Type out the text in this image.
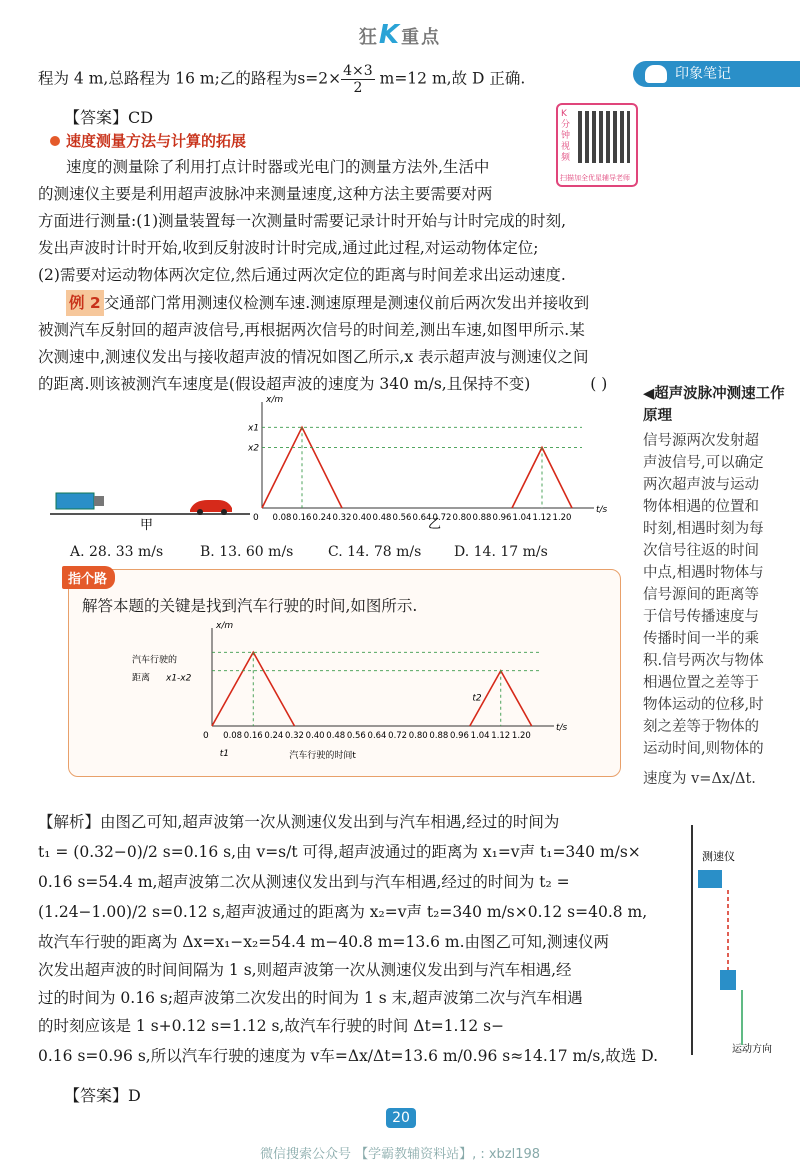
狂K重点
印象笔记
程为 4 m,总路程为 16 m;乙的路程为$s=2\times \frac{4\times 3}{2} m=12$ m,故 D 正确.
【答案】CD	K分钟视频
扫描加全优星辅导老师
速度测量方法与计算的拓展
速度的测量除了利用打点计时器或光电门的测量方法外,生活中
的测速仪主要是利用超声波脉冲来测量速度,这种方法主要需要对两
方面进行测量:(1)测量装置每一次测量时需要记录计时开始与计时完成的时刻,
发出声波时计时开始,收到反射波时计时完成,通过此过程,对运动物体定位;
(2)需要对运动物体两次定位,然后通过两次定位的距离与时间差求出运动速度.
例 2 交通部门常用测速仪检测车速.测速原理是测速仪前后两次发出并接收到
被测汽车反射回的超声波信号,再根据两次信号的时间差,测出车速,如图甲所示.某
次测速中,测速仪发出与接收超声波的情况如图乙所示,x 表示超声波与测速仪之间
的距离.则该被测汽车速度是(假设超声波的速度为 340 m/s,且保持不变)	( )
甲
t/s
x/m
0 0.08 0.16 0.24 0.32 0.40 0.48 0.56 0.64 0.72 0.80 0.88 0.96 1.04 1.12 1.20
x1
x2
乙
A. 28. 33 m/s	B. 13. 60 m/s C. 14. 78 m/s D. 14. 17 m/s
指个路
解答本题的关键是找到汽车行驶的时间,如图所示.
t/s
x/m
0 0.08 0.16 0.24 0.32 0.40 0.48 0.56 0.64 0.72 0.80 0.88 0.96 1.04 1.12 1.20
汽车行驶的
距离 x1-x2
t1
t2
汽车行驶的时间t
◀超声波脉冲测速工作原理
信号源两次发射超
声波信号,可以确定
两次超声波与运动
物体相遇的位置和
时刻,相遇时刻为每
次信号往返的时间
中点,相遇时物体与
信号源间的距离等
于信号传播速度与
传播时间一半的乘
积.信号两次与物体
相遇位置之差等于
物体运动的位移,时
刻之差等于物体的
运动时间,则物体的
速度为 v=Δx/Δt.
测速仪
运动方向
【解析】由图乙可知,超声波第一次从测速仪发出到与汽车相遇,经过的时间为
t₁ = (0.32−0)/2 s=0.16 s,由 v=s/t 可得,超声波通过的距离为 x₁=v声 t₁=340 m/s×
0.16 s=54.4 m,超声波第二次从测速仪发出到与汽车相遇,经过的时间为 t₂ =
(1.24−1.00)/2 s=0.12 s,超声波通过的距离为 x₂=v声 t₂=340 m/s×0.12 s=40.8 m,
故汽车行驶的距离为 Δx=x₁−x₂=54.4 m−40.8 m=13.6 m.由图乙可知,测速仪两
次发出超声波的时间间隔为 1 s,则超声波第一次从测速仪发出到与汽车相遇,经
过的时间为 0.16 s;超声波第二次发出的时间为 1 s 末,超声波第二次与汽车相遇
的时刻应该是 1 s+0.12 s=1.12 s,故汽车行驶的时间 Δt=1.12 s−
0.16 s=0.96 s,所以汽车行驶的速度为 v车=Δx/Δt=13.6 m/0.96 s≈14.17 m/s,故选 D.
【答案】D
20
微信搜索公众号 【学霸教辅资料站】, : xbzl198
